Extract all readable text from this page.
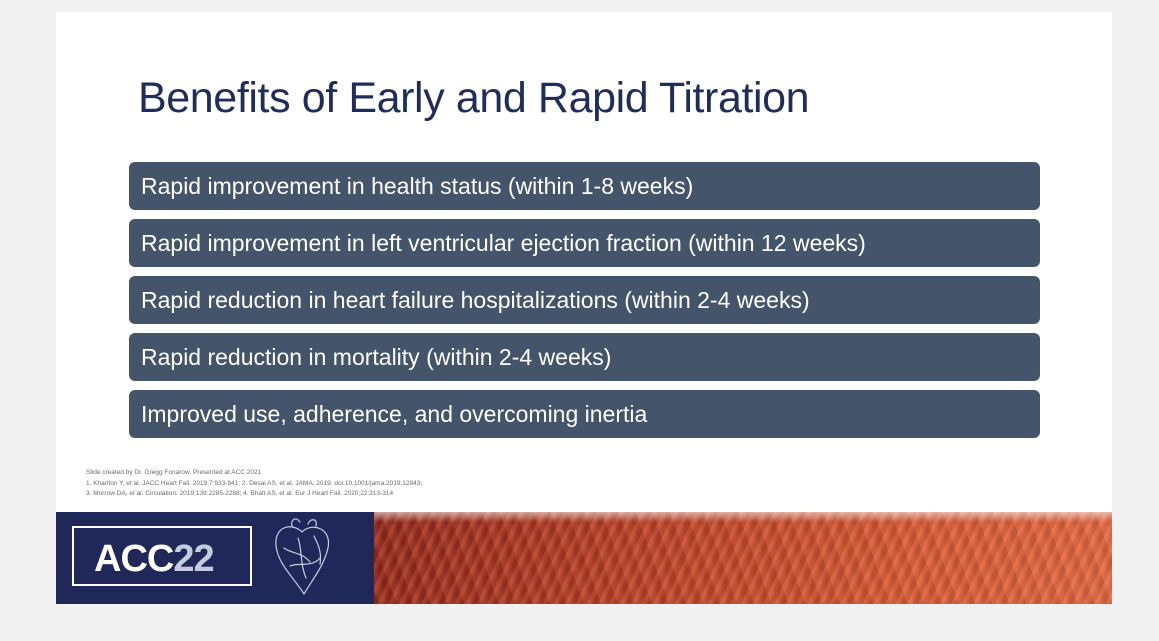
Benefits of Early and Rapid Titration
Rapid improvement in health status (within 1-8 weeks)
Rapid improvement in left ventricular ejection fraction (within 12 weeks)
Rapid reduction in heart failure hospitalizations (within 2-4 weeks)
Rapid reduction in mortality (within 2-4 weeks)
Improved use, adherence, and overcoming inertia
Slide created by Dr. Gregg Fonarow. Presented at ACC 2021
1. Khariton Y, et al. JACC Heart Fail. 2019;7:933-941; 2. Desai AS, et al. JAMA. 2019. doi:10.1001/jama.2019.12843;
3. Morrow DA, et al. Circulation. 2019;139:2285-2288; 4. Bhatt AS, et al. Eur J Heart Fail. 2020;22:313-314
ACC22
